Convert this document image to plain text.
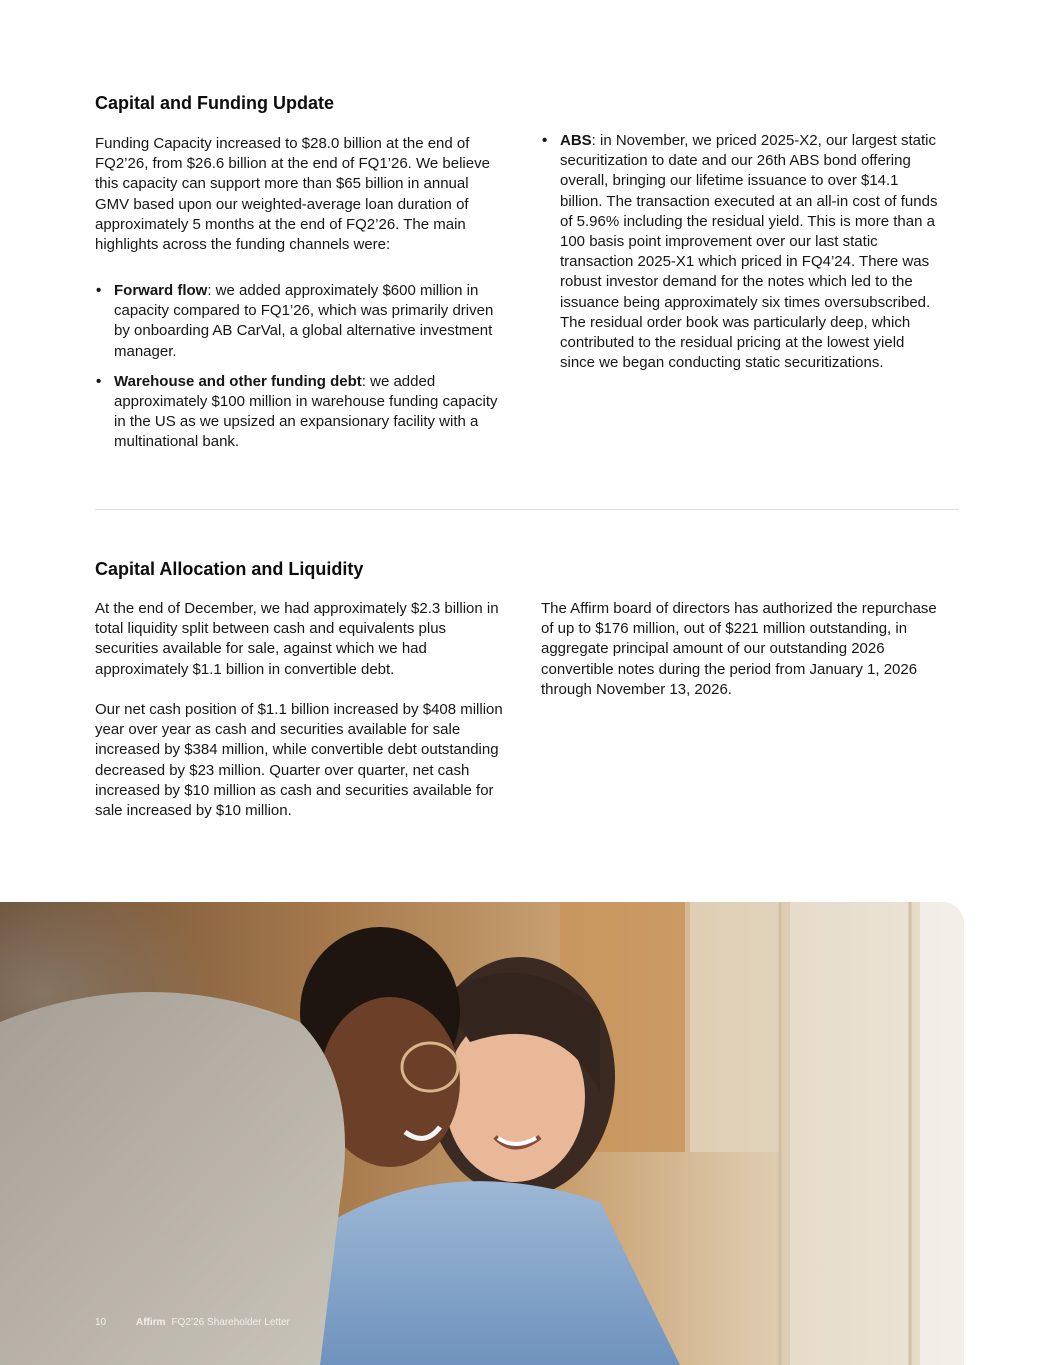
Capital and Funding Update

Funding Capacity increased to $28.0 billion at the end of FQ2’26, from $26.6 billion at the end of FQ1’26. We believe this capacity can support more than $65 billion in annual GMV based upon our weighted-average loan duration of approximately 5 months at the end of FQ2’26. The main highlights across the funding channels were:

• Forward flow: we added approximately $600 million in capacity compared to FQ1’26, which was primarily driven by onboarding AB CarVal, a global alternative investment manager.
• Warehouse and other funding debt: we added approximately $100 million in warehouse funding capacity in the US as we upsized an expansionary facility with a multinational bank.
• ABS: in November, we priced 2025-X2, our largest static securitization to date and our 26th ABS bond offering overall, bringing our lifetime issuance to over $14.1 billion. The transaction executed at an all-in cost of funds of 5.96% including the residual yield. This is more than a 100 basis point improvement over our last static transaction 2025-X1 which priced in FQ4’24. There was robust investor demand for the notes which led to the issuance being approximately six times oversubscribed. The residual order book was particularly deep, which contributed to the residual pricing at the lowest yield since we began conducting static securitizations.
Capital Allocation and Liquidity

At the end of December, we had approximately $2.3 billion in total liquidity split between cash and equivalents plus securities available for sale, against which we had approximately $1.1 billion in convertible debt.

Our net cash position of $1.1 billion increased by $408 million year over year as cash and securities available for sale increased by $384 million, while convertible debt outstanding decreased by $23 million. Quarter over quarter, net cash increased by $10 million as cash and securities available for sale increased by $10 million.

The Affirm board of directors has authorized the repurchase of up to $176 million, out of $221 million outstanding, in aggregate principal amount of our outstanding 2026 convertible notes during the period from January 1, 2026 through November 13, 2026.

10	Affirm FQ2’26 Shareholder Letter
